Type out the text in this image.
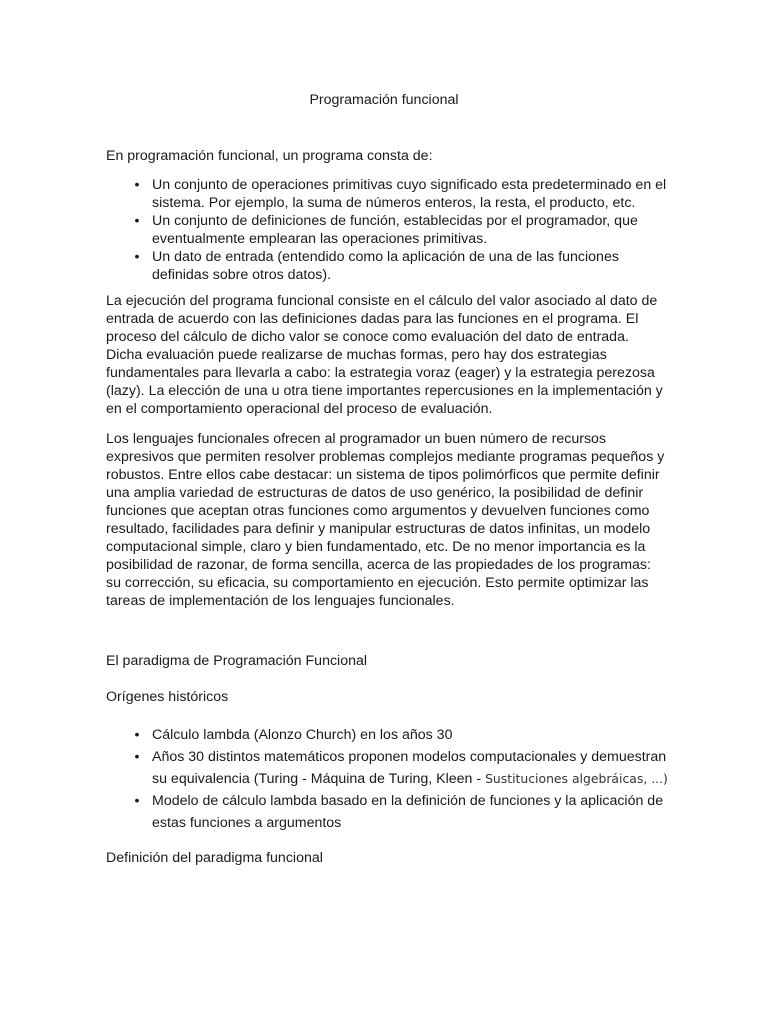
Programación funcional

En programación funcional, un programa consta de:

• Un conjunto de operaciones primitivas cuyo significado esta predeterminado en el sistema. Por ejemplo, la suma de números enteros, la resta, el producto, etc.
• Un conjunto de definiciones de función, establecidas por el programador, que eventualmente emplearan las operaciones primitivas.
• Un dato de entrada (entendido como la aplicación de una de las funciones definidas sobre otros datos).

La ejecución del programa funcional consiste en el cálculo del valor asociado al dato de entrada de acuerdo con las definiciones dadas para las funciones en el programa. El proceso del cálculo de dicho valor se conoce como evaluación del dato de entrada. Dicha evaluación puede realizarse de muchas formas, pero hay dos estrategias fundamentales para llevarla a cabo: la estrategia voraz (eager) y la estrategia perezosa (lazy). La elección de una u otra tiene importantes repercusiones en la implementación y en el comportamiento operacional del proceso de evaluación.

Los lenguajes funcionales ofrecen al programador un buen número de recursos expresivos que permiten resolver problemas complejos mediante programas pequeños y robustos. Entre ellos cabe destacar: un sistema de tipos polimórficos que permite definir una amplia variedad de estructuras de datos de uso genérico, la posibilidad de definir funciones que aceptan otras funciones como argumentos y devuelven funciones como resultado, facilidades para definir y manipular estructuras de datos infinitas, un modelo computacional simple, claro y bien fundamentado, etc. De no menor importancia es la posibilidad de razonar, de forma sencilla, acerca de las propiedades de los programas: su corrección, su eficacia, su comportamiento en ejecución. Esto permite optimizar las tareas de implementación de los lenguajes funcionales.

El paradigma de Programación Funcional

Orígenes históricos

• Cálculo lambda (Alonzo Church) en los años 30
• Años 30 distintos matemáticos proponen modelos computacionales y demuestran su equivalencia (Turing - Máquina de Turing, Kleen - Sustituciones algebráicas, ...)
• Modelo de cálculo lambda basado en la definición de funciones y la aplicación de estas funciones a argumentos

Definición del paradigma funcional
